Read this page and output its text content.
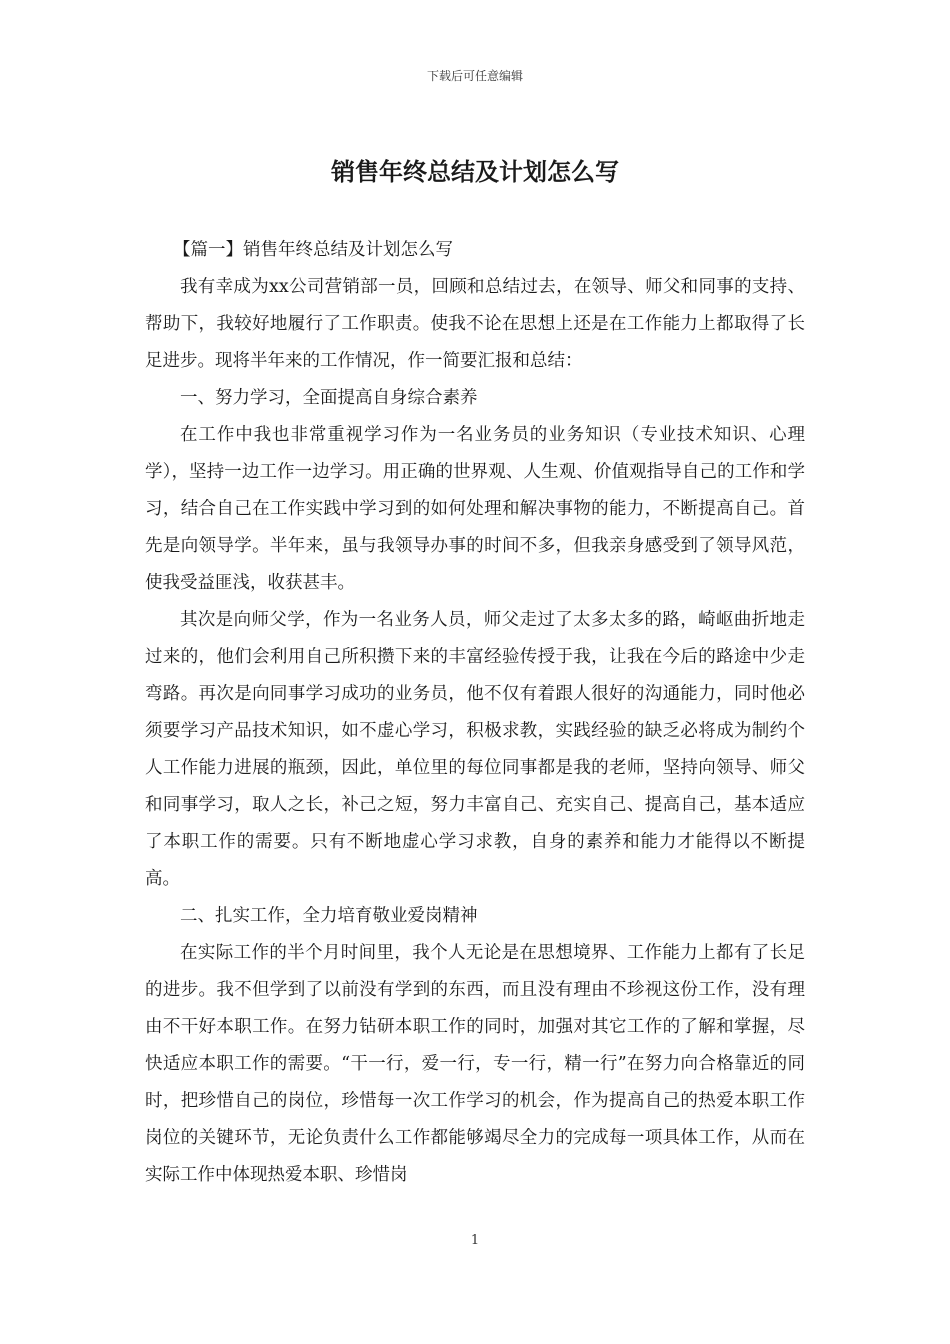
下载后可任意编辑
销售年终总结及计划怎么写

【篇一】销售年终总结及计划怎么写

我有幸成为xx公司营销部一员，回顾和总结过去，在领导、师父和同事的支持、帮助下，我较好地履行了工作职责。使我不论在思想上还是在工作能力上都取得了长足进步。现将半年来的工作情况，作一简要汇报和总结：

一、努力学习，全面提高自身综合素养

在工作中我也非常重视学习作为一名业务员的业务知识（专业技术知识、心理学），坚持一边工作一边学习。用正确的世界观、人生观、价值观指导自己的工作和学习，结合自己在工作实践中学习到的如何处理和解决事物的能力，不断提高自己。首先是向领导学。半年来，虽与我领导办事的时间不多，但我亲身感受到了领导风范，使我受益匪浅，收获甚丰。

其次是向师父学，作为一名业务人员，师父走过了太多太多的路，崎岖曲折地走过来的，他们会利用自己所积攒下来的丰富经验传授于我，让我在今后的路途中少走弯路。再次是向同事学习成功的业务员，他不仅有着跟人很好的沟通能力，同时他必须要学习产品技术知识，如不虚心学习，积极求教，实践经验的缺乏必将成为制约个人工作能力进展的瓶颈，因此，单位里的每位同事都是我的老师，坚持向领导、师父和同事学习，取人之长，补己之短，努力丰富自己、充实自己、提高自己，基本适应了本职工作的需要。只有不断地虚心学习求教，自身的素养和能力才能得以不断提高。

二、扎实工作，全力培育敬业爱岗精神

在实际工作的半个月时间里，我个人无论是在思想境界、工作能力上都有了长足的进步。我不但学到了以前没有学到的东西，而且没有理由不珍视这份工作，没有理由不干好本职工作。在努力钻研本职工作的同时，加强对其它工作的了解和掌握，尽快适应本职工作的需要。“干一行，爱一行，专一行，精一行”在努力向合格靠近的同时，把珍惜自己的岗位，珍惜每一次工作学习的机会，作为提高自己的热爱本职工作岗位的关键环节，无论负责什么工作都能够竭尽全力的完成每一项具体工作，从而在实际工作中体现热爱本职、珍惜岗

1
